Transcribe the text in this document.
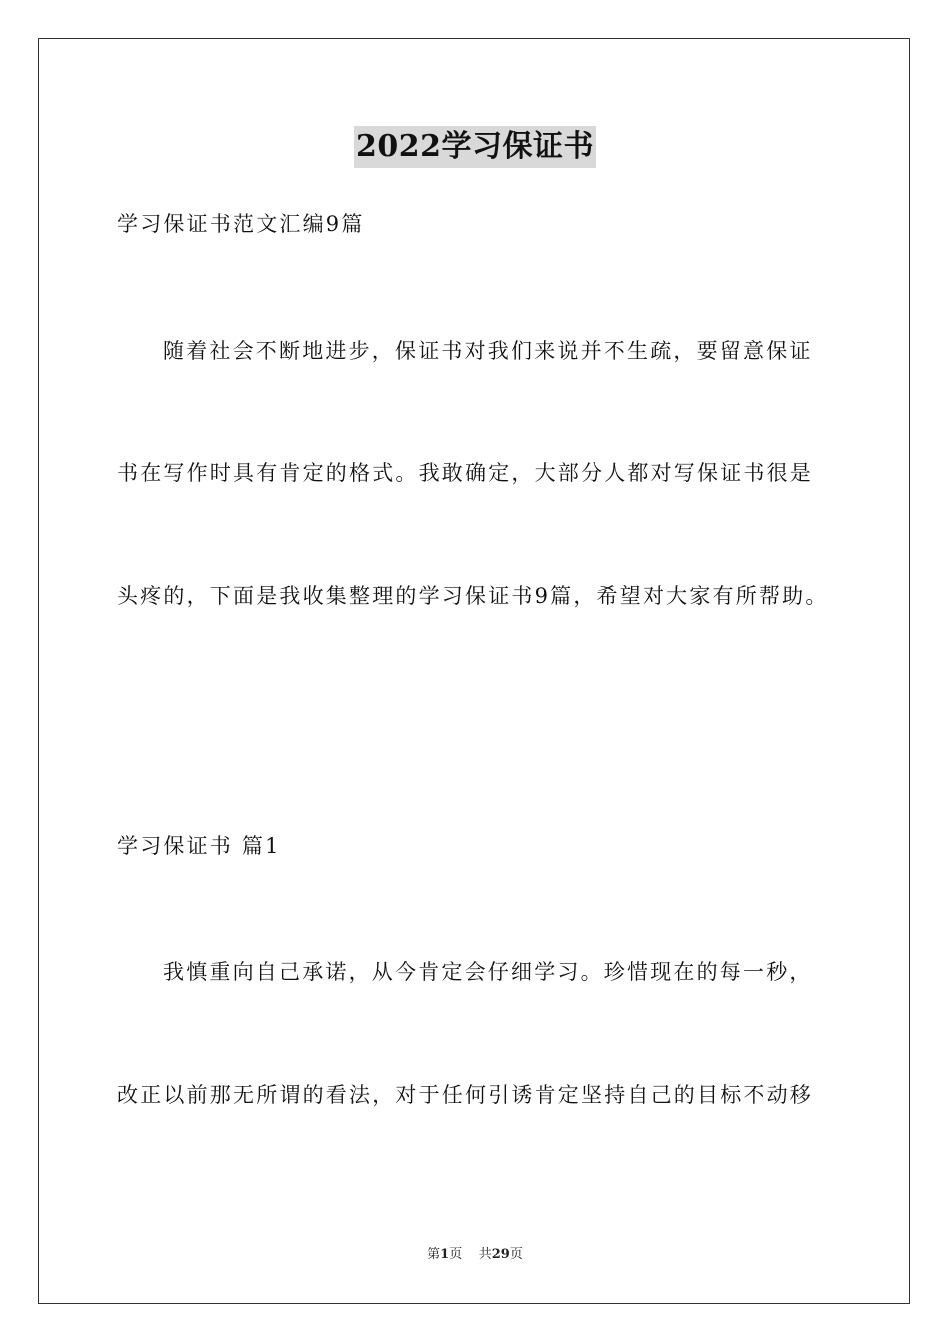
2022学习保证书
学习保证书范文汇编9篇
随着社会不断地进步，保证书对我们来说并不生疏，要留意保证
书在写作时具有肯定的格式。我敢确定，大部分人都对写保证书很是
头疼的，下面是我收集整理的学习保证书9篇，希望对大家有所帮助。
学习保证书 篇1
我慎重向自己承诺，从今肯定会仔细学习。珍惜现在的每一秒，
改正以前那无所谓的看法，对于任何引诱肯定坚持自己的目标不动移
第1页 共29页
